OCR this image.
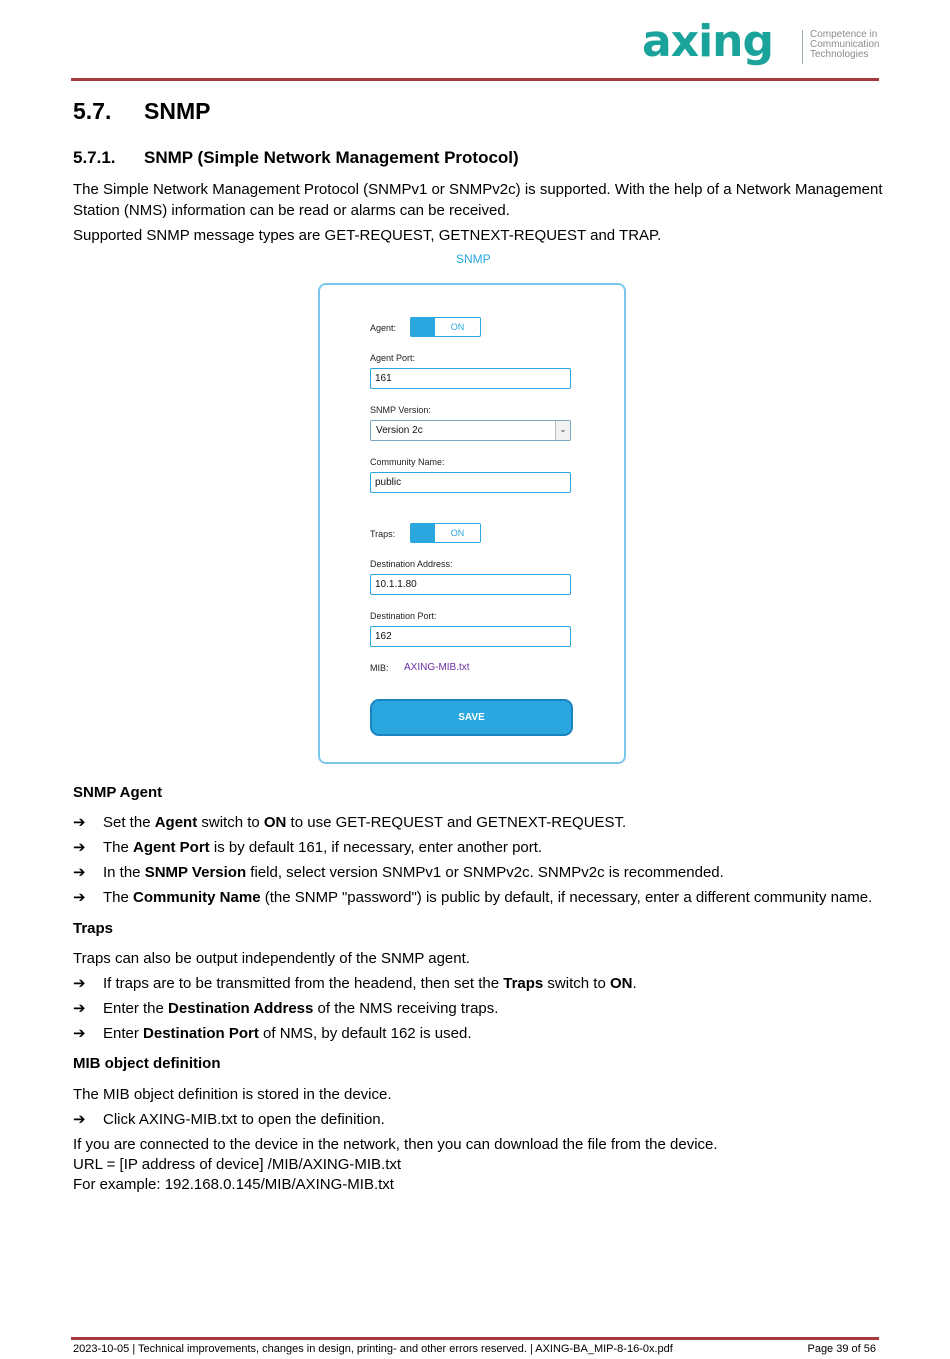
axing	Competence in
Communication
Technologies
5.7. SNMP
5.7.1. SNMP (Simple Network Management Protocol)
The Simple Network Management Protocol (SNMPv1 or SNMPv2c) is supported. With the help of a Network Management
Station (NMS) information can be read or alarms can be received.
Supported SNMP message types are GET-REQUEST, GETNEXT-REQUEST and TRAP.
SNMP
Agent:	ON
Agent Port:
161
SNMP Version:
Version 2c	⌄
Community Name:
public
Traps:	ON
Destination Address:
10.1.1.80
Destination Port:
162
MIB: AXING-MIB.txt
SAVE
SNMP Agent
➔ Set the Agent switch to ON to use GET-REQUEST and GETNEXT-REQUEST.
➔ The Agent Port is by default 161, if necessary, enter another port.
➔ In the SNMP Version field, select version SNMPv1 or SNMPv2c. SNMPv2c is recommended.
➔ The Community Name (the SNMP "password") is public by default, if necessary, enter a different community name.
Traps
Traps can also be output independently of the SNMP agent.
➔ If traps are to be transmitted from the headend, then set the Traps switch to ON.
➔ Enter the Destination Address of the NMS receiving traps.
➔ Enter Destination Port of NMS, by default 162 is used.
MIB object definition
The MIB object definition is stored in the device.
➔ Click AXING-MIB.txt to open the definition.
If you are connected to the device in the network, then you can download the file from the device.
URL = [IP address of device] /MIB/AXING-MIB.txt
For example: 192.168.0.145/MIB/AXING-MIB.txt
2023-10-05 | Technical improvements, changes in design, printing- and other errors reserved. | AXING-BA_MIP-8-16-0x.pdf	Page 39 of 56
